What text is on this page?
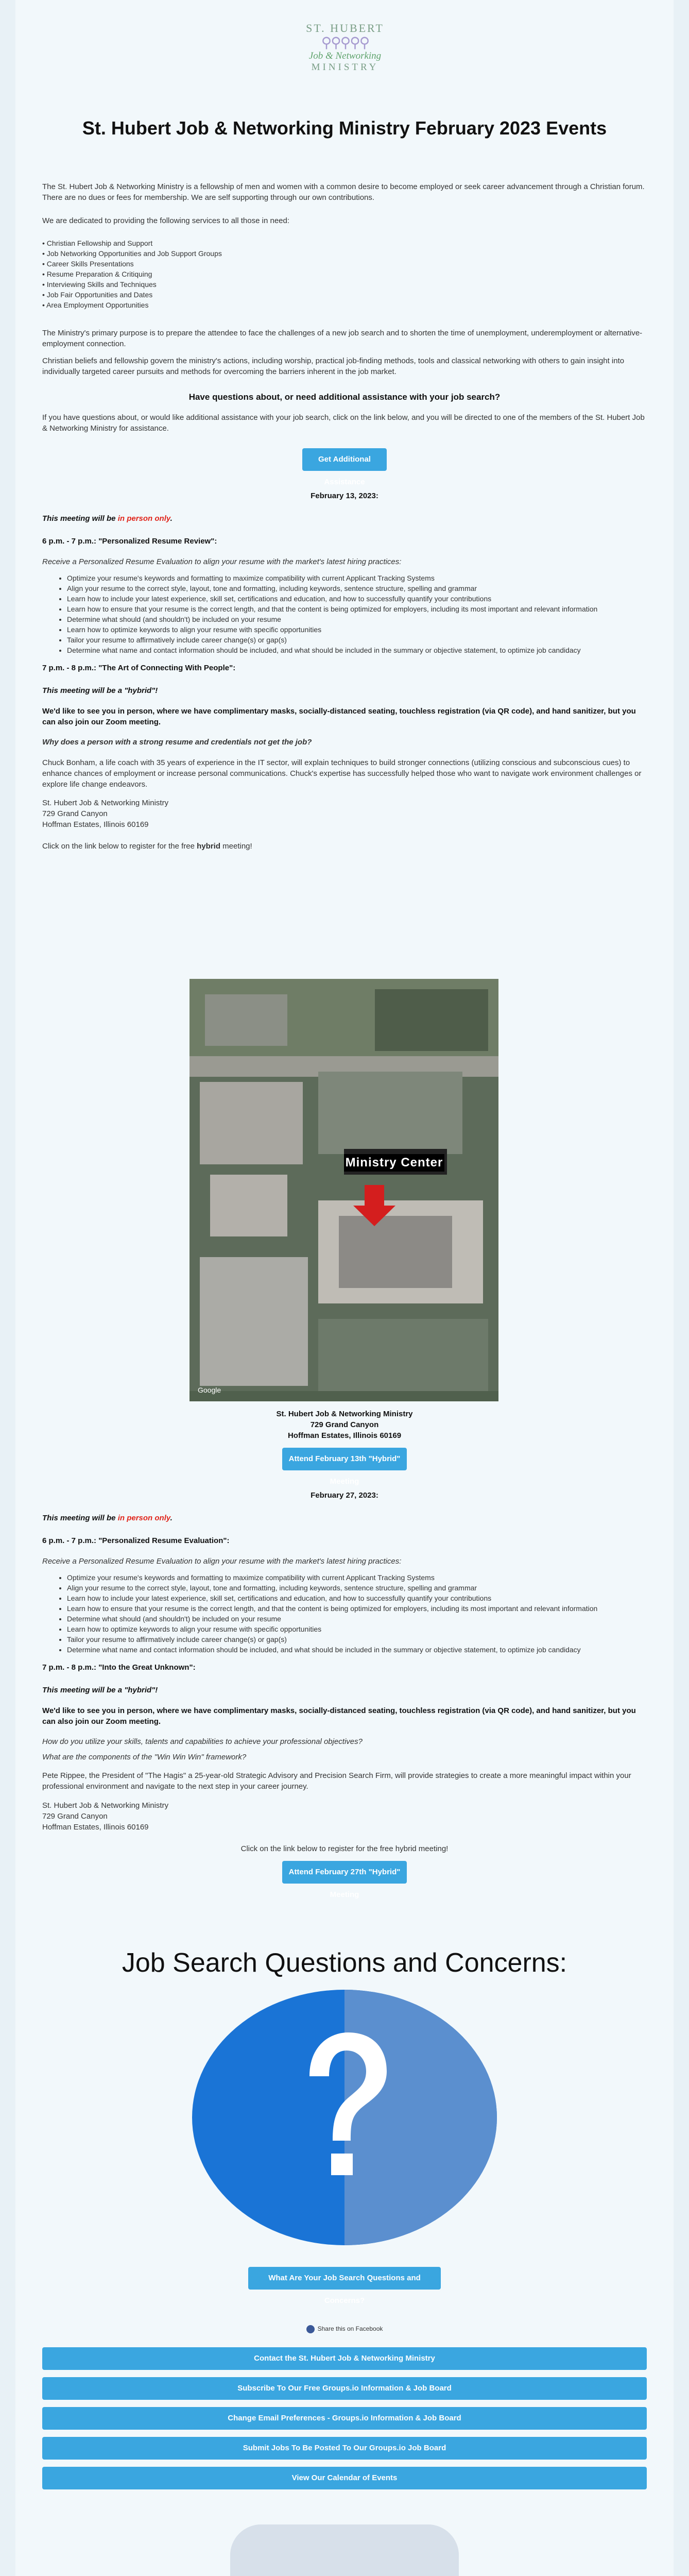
ST. HUBERT
⚲⚲⚲⚲⚲
Job & Networking
MINISTRY
St. Hubert Job & Networking Ministry February 2023 Events

The St. Hubert Job & Networking Ministry is a fellowship of men and women with a common desire to become employed or seek career advancement through a Christian forum. There are no dues or fees for membership. We are self supporting through our own contributions.

We are dedicated to providing the following services to all those in need:

• Christian Fellowship and Support
• Job Networking Opportunities and Job Support Groups
• Career Skills Presentations
• Resume Preparation & Critiquing
• Interviewing Skills and Techniques
• Job Fair Opportunities and Dates
• Area Employment Opportunities

The Ministry's primary purpose is to prepare the attendee to face the challenges of a new job search and to shorten the time of unemployment, underemployment or alternative-employment connection.

Christian beliefs and fellowship govern the ministry's actions, including worship, practical job-finding methods, tools and classical networking with others to gain insight into individually targeted career pursuits and methods for overcoming the barriers inherent in the job market.

Have questions about, or need additional assistance with your job search?

If you have questions about, or would like additional assistance with your job search, click on the link below, and you will be directed to one of the members of the St. Hubert Job & Networking Ministry for assistance.

Get Additional Assistance

February 13, 2023:

This meeting will be in person only.

6 p.m. - 7 p.m.: "Personalized Resume Review":

Receive a Personalized Resume Evaluation to align your resume with the market's latest hiring practices:

• Optimize your resume's keywords and formatting to maximize compatibility with current Applicant Tracking Systems
• Align your resume to the correct style, layout, tone and formatting, including keywords, sentence structure, spelling and grammar
• Learn how to include your latest experience, skill set, certifications and education, and how to successfully quantify your contributions
• Learn how to ensure that your resume is the correct length, and that the content is being optimized for employers, including its most important and relevant information
• Determine what should (and shouldn't) be included on your resume
• Learn how to optimize keywords to align your resume with specific opportunities
• Tailor your resume to affirmatively include career change(s) or gap(s)
• Determine what name and contact information should be included, and what should be included in the summary or objective statement, to optimize job candidacy

7 p.m. - 8 p.m.: "The Art of Connecting With People":

This meeting will be a "hybrid"!

We'd like to see you in person, where we have complimentary masks, socially-distanced seating, touchless registration (via QR code), and hand sanitizer, but you can also join our Zoom meeting.

Why does a person with a strong resume and credentials not get the job?

Chuck Bonham, a life coach with 35 years of experience in the IT sector, will explain techniques to build stronger connections (utilizing conscious and subconscious cues) to enhance chances of employment or increase personal communications. Chuck's expertise has successfully helped those who want to navigate work environment challenges or explore life change endeavors.

St. Hubert Job & Networking Ministry

729 Grand Canyon

Hoffman Estates, Illinois 60169

Click on the link below to register for the free hybrid meeting!

Ministry Center
Google

St. Hubert Job & Networking Ministry

729 Grand Canyon

Hoffman Estates, Illinois 60169

Attend February 13th "Hybrid" Meeting

February 27, 2023:

This meeting will be in person only.

6 p.m. - 7 p.m.: "Personalized Resume Evaluation":

Receive a Personalized Resume Evaluation to align your resume with the market's latest hiring practices:

• Optimize your resume's keywords and formatting to maximize compatibility with current Applicant Tracking Systems
• Align your resume to the correct style, layout, tone and formatting, including keywords, sentence structure, spelling and grammar
• Learn how to include your latest experience, skill set, certifications and education, and how to successfully quantify your contributions
• Learn how to ensure that your resume is the correct length, and that the content is being optimized for employers, including its most important and relevant information
• Determine what should (and shouldn't) be included on your resume
• Learn how to optimize keywords to align your resume with specific opportunities
• Tailor your resume to affirmatively include career change(s) or gap(s)
• Determine what name and contact information should be included, and what should be included in the summary or objective statement, to optimize job candidacy

7 p.m. - 8 p.m.: "Into the Great Unknown":

This meeting will be a "hybrid"!

We'd like to see you in person, where we have complimentary masks, socially-distanced seating, touchless registration (via QR code), and hand sanitizer, but you can also join our Zoom meeting.

How do you utilize your skills, talents and capabilities to achieve your professional objectives?

What are the components of the "Win Win Win" framework?

Pete Rippee, the President of "The Hagis" a 25-year-old Strategic Advisory and Precision Search Firm, will provide strategies to create a more meaningful impact within your professional environment and navigate to the next step in your career journey.

St. Hubert Job & Networking Ministry

729 Grand Canyon

Hoffman Estates, Illinois 60169

Click on the link below to register for the free hybrid meeting!

Attend February 27th "Hybrid" Meeting
Job Search Questions and Concerns:
What Are Your Job Search Questions and Concerns?

Share this on Facebook

Contact the St. Hubert Job & Networking Ministry
Subscribe To Our Free Groups.io Information & Job Board
Change Email Preferences - Groups.io Information & Job Board
Submit Jobs To Be Posted To Our Groups.io Job Board
View Our Calendar of Events
